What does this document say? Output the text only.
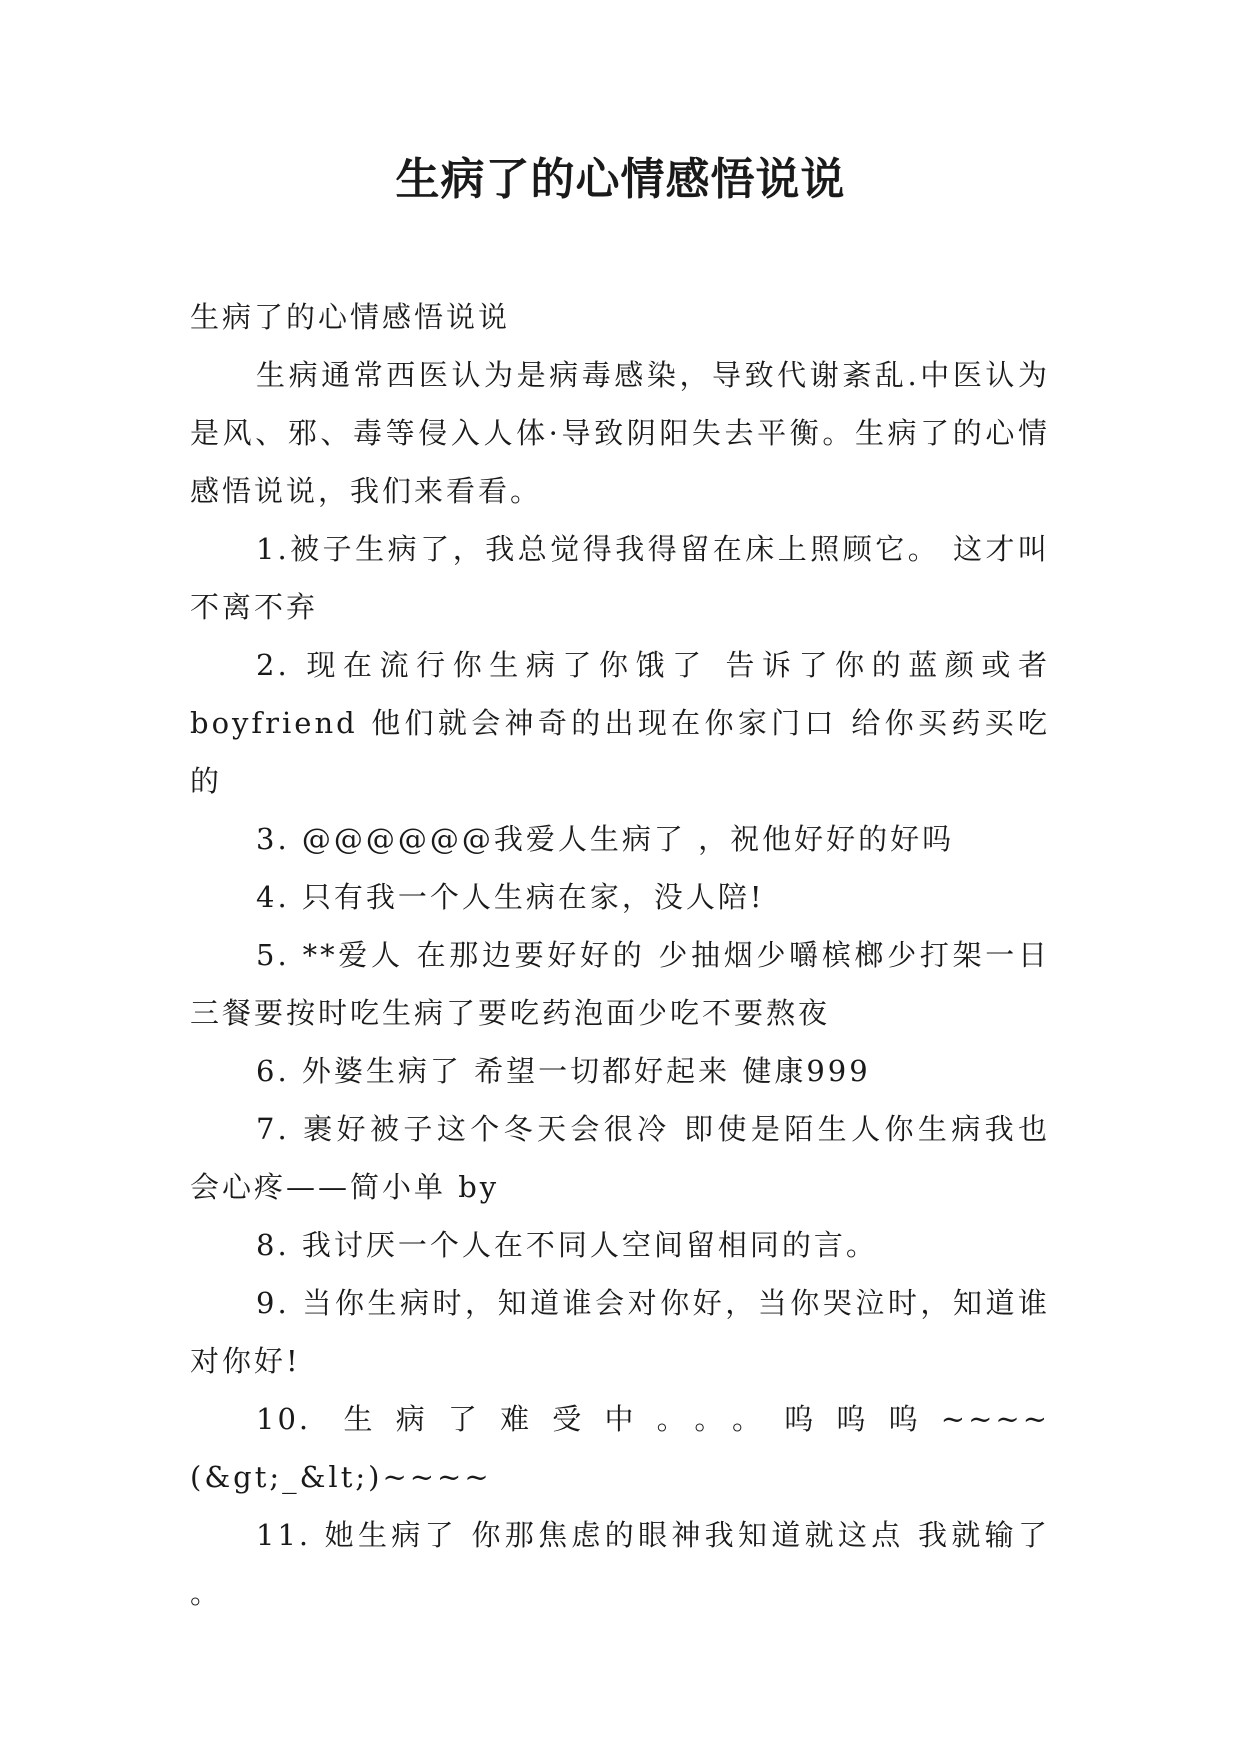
生病了的心情感悟说说

生病了的心情感悟说说

生病通常西医认为是病毒感染，导致代谢紊乱.中医认为是风、邪、毒等侵入人体·导致阴阳失去平衡。生病了的心情感悟说说，我们来看看。

1.被子生病了，我总觉得我得留在床上照顾它。 这才叫不离不弃

2. 现在流行你生病了你饿了 告诉了你的蓝颜或者boyfriend 他们就会神奇的出现在你家门口 给你买药买吃的

3. @@@@@@我爱人生病了 ，祝他好好的好吗

4. 只有我一个人生病在家，没人陪!

5. **爱人 在那边要好好的 少抽烟少嚼槟榔少打架一日三餐要按时吃生病了要吃药泡面少吃不要熬夜

6. 外婆生病了 希望一切都好起来 健康999

7. 裹好被子这个冬天会很冷 即使是陌生人你生病我也会心疼——简小单 by

8. 我讨厌一个人在不同人空间留相同的言。

9. 当你生病时，知道谁会对你好，当你哭泣时，知道谁对你好!

10. 生病了难受中。。。呜呜呜~~~~(&gt;_&lt;)~~~~

11. 她生病了 你那焦虑的眼神我知道就这点 我就输了 。
